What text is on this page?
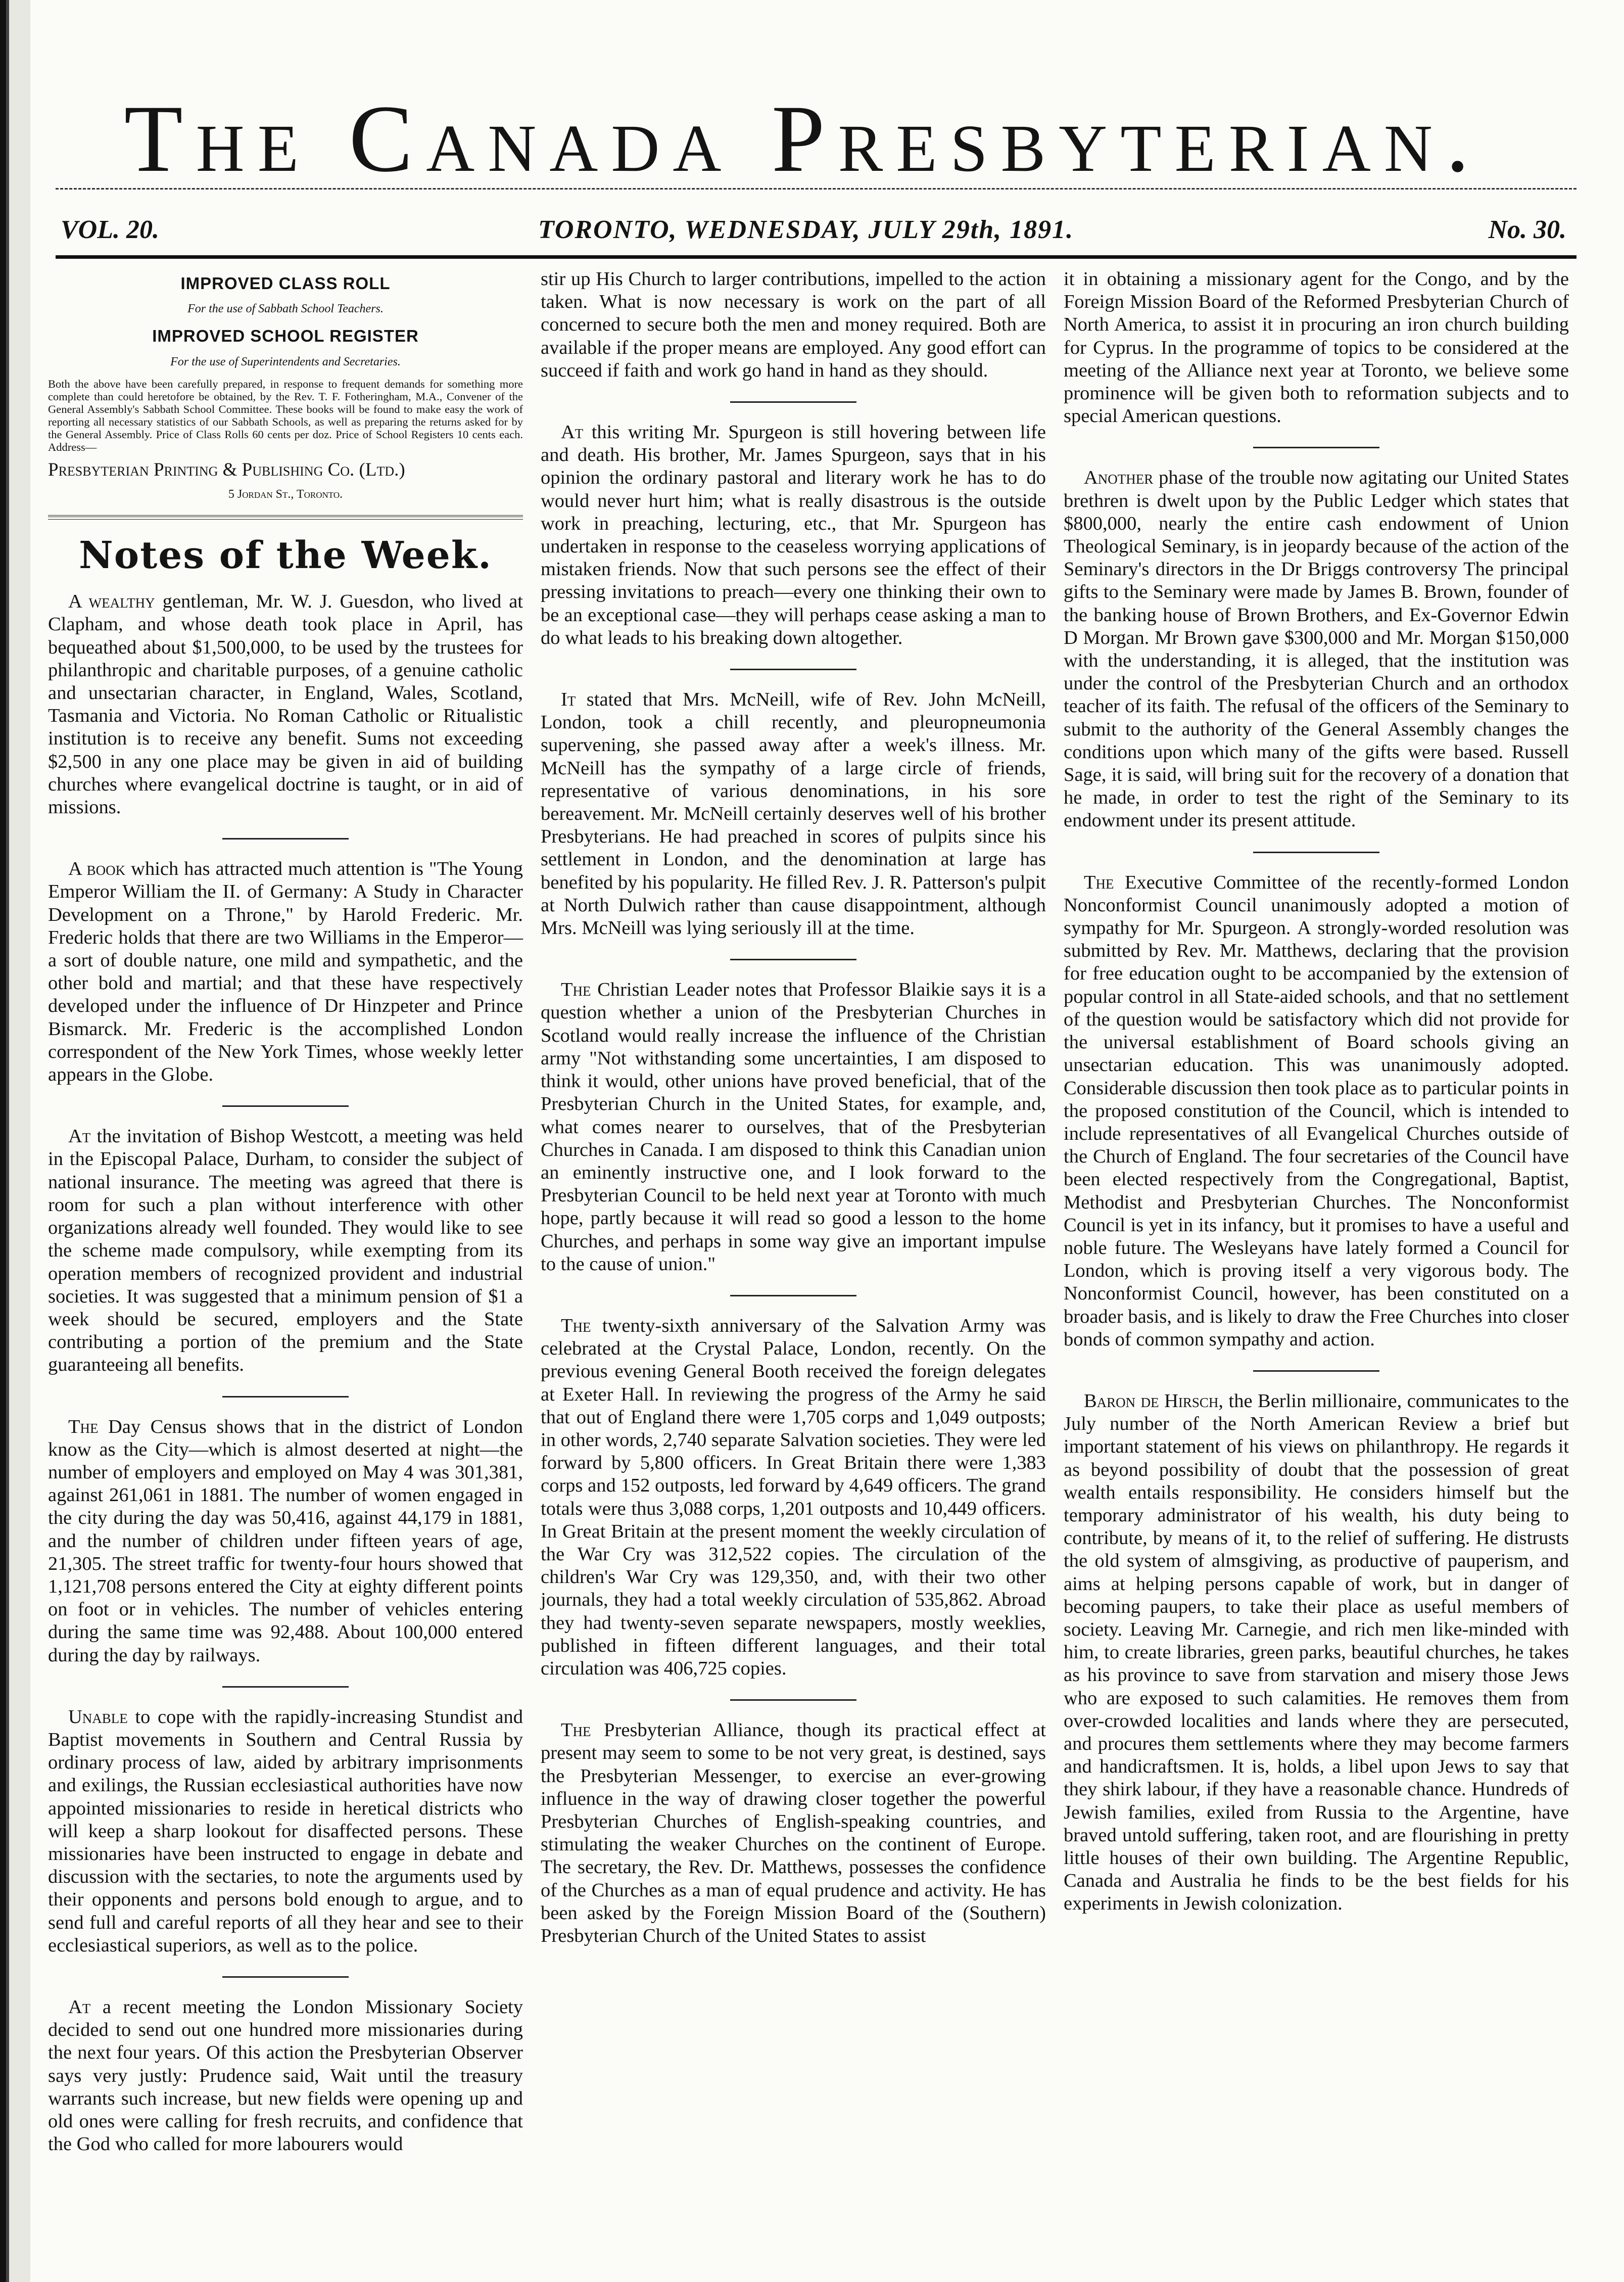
The Canada Presbyterian.
VOL. 20.	TORONTO, WEDNESDAY, JULY 29th, 1891.	No. 30.
IMPROVED CLASS ROLL
For the use of Sabbath School Teachers.
IMPROVED SCHOOL REGISTER
For the use of Superintendents and Secretaries.
Both the above have been carefully prepared, in response to frequent demands for something more complete than could heretofore be obtained, by the Rev. T. F. Fotheringham, M.A., Convener of the General Assembly's Sabbath School Committee. These books will be found to make easy the work of reporting all necessary statistics of our Sabbath Schools, as well as preparing the returns asked for by the General Assembly. Price of Class Rolls 60 cents per doz. Price of School Registers 10 cents each. Address—
Presbyterian Printing & Publishing Co. (Ltd.)
5 Jordan St., Toronto.
Notes of the Week.

A wealthy gentleman, Mr. W. J. Guesdon, who lived at Clapham, and whose death took place in April, has bequeathed about $1,500,000, to be used by the trustees for philanthropic and charitable purposes, of a genuine catholic and unsectarian character, in England, Wales, Scotland, Tasmania and Victoria. No Roman Catholic or Ritualistic institution is to receive any benefit. Sums not exceeding $2,500 in any one place may be given in aid of building churches where evangelical doctrine is taught, or in aid of missions.

A book which has attracted much attention is "The Young Emperor William the II. of Germany: A Study in Character Development on a Throne," by Harold Frederic. Mr. Frederic holds that there are two Williams in the Emperor—a sort of double nature, one mild and sympathetic, and the other bold and martial; and that these have respectively developed under the influence of Dr Hinzpeter and Prince Bismarck. Mr. Frederic is the accomplished London correspondent of the New York Times, whose weekly letter appears in the Globe.

At the invitation of Bishop Westcott, a meeting was held in the Episcopal Palace, Durham, to consider the subject of national insurance. The meeting was agreed that there is room for such a plan without interference with other organizations already well founded. They would like to see the scheme made compulsory, while exempting from its operation members of recognized provident and industrial societies. It was suggested that a minimum pension of $1 a week should be secured, employers and the State contributing a portion of the premium and the State guaranteeing all benefits.

The Day Census shows that in the district of London know as the City—which is almost deserted at night—the number of employers and employed on May 4 was 301,381, against 261,061 in 1881. The number of women engaged in the city during the day was 50,416, against 44,179 in 1881, and the number of children under fifteen years of age, 21,305. The street traffic for twenty-four hours showed that 1,121,708 persons entered the City at eighty different points on foot or in vehicles. The number of vehicles entering during the same time was 92,488. About 100,000 entered during the day by railways.

Unable to cope with the rapidly-increasing Stundist and Baptist movements in Southern and Central Russia by ordinary process of law, aided by arbitrary imprisonments and exilings, the Russian ecclesiastical authorities have now appointed missionaries to reside in heretical districts who will keep a sharp lookout for disaffected persons. These missionaries have been instructed to engage in debate and discussion with the sectaries, to note the arguments used by their opponents and persons bold enough to argue, and to send full and careful reports of all they hear and see to their ecclesiastical superiors, as well as to the police.

At a recent meeting the London Missionary Society decided to send out one hundred more missionaries during the next four years. Of this action the Presbyterian Observer says very justly: Prudence said, Wait until the treasury warrants such increase, but new fields were opening up and old ones were calling for fresh recruits, and confidence that the God who called for more labourers would

stir up His Church to larger contributions, impelled to the action taken. What is now necessary is work on the part of all concerned to secure both the men and money required. Both are available if the proper means are employed. Any good effort can succeed if faith and work go hand in hand as they should.

At this writing Mr. Spurgeon is still hovering between life and death. His brother, Mr. James Spurgeon, says that in his opinion the ordinary pastoral and literary work he has to do would never hurt him; what is really disastrous is the outside work in preaching, lecturing, etc., that Mr. Spurgeon has undertaken in response to the ceaseless worrying applications of mistaken friends. Now that such persons see the effect of their pressing invitations to preach—every one thinking their own to be an exceptional case—they will perhaps cease asking a man to do what leads to his breaking down altogether.

It stated that Mrs. McNeill, wife of Rev. John McNeill, London, took a chill recently, and pleuropneumonia supervening, she passed away after a week's illness. Mr. McNeill has the sympathy of a large circle of friends, representative of various denominations, in his sore bereavement. Mr. McNeill certainly deserves well of his brother Presbyterians. He had preached in scores of pulpits since his settlement in London, and the denomination at large has benefited by his popularity. He filled Rev. J. R. Patterson's pulpit at North Dulwich rather than cause disappointment, although Mrs. McNeill was lying seriously ill at the time.

The Christian Leader notes that Professor Blaikie says it is a question whether a union of the Presbyterian Churches in Scotland would really increase the influence of the Christian army "Not withstanding some uncertainties, I am disposed to think it would, other unions have proved beneficial, that of the Presbyterian Church in the United States, for example, and, what comes nearer to ourselves, that of the Presbyterian Churches in Canada. I am disposed to think this Canadian union an eminently instructive one, and I look forward to the Presbyterian Council to be held next year at Toronto with much hope, partly because it will read so good a lesson to the home Churches, and perhaps in some way give an important impulse to the cause of union."

The twenty-sixth anniversary of the Salvation Army was celebrated at the Crystal Palace, London, recently. On the previous evening General Booth received the foreign delegates at Exeter Hall. In reviewing the progress of the Army he said that out of England there were 1,705 corps and 1,049 outposts; in other words, 2,740 separate Salvation societies. They were led forward by 5,800 officers. In Great Britain there were 1,383 corps and 152 outposts, led forward by 4,649 officers. The grand totals were thus 3,088 corps, 1,201 outposts and 10,449 officers. In Great Britain at the present moment the weekly circulation of the War Cry was 312,522 copies. The circulation of the children's War Cry was 129,350, and, with their two other journals, they had a total weekly circulation of 535,862. Abroad they had twenty-seven separate newspapers, mostly weeklies, published in fifteen different languages, and their total circulation was 406,725 copies.

The Presbyterian Alliance, though its practical effect at present may seem to some to be not very great, is destined, says the Presbyterian Messenger, to exercise an ever-growing influence in the way of drawing closer together the powerful Presbyterian Churches of English-speaking countries, and stimulating the weaker Churches on the continent of Europe. The secretary, the Rev. Dr. Matthews, possesses the confidence of the Churches as a man of equal prudence and activity. He has been asked by the Foreign Mission Board of the (Southern) Presbyterian Church of the United States to assist

it in obtaining a missionary agent for the Congo, and by the Foreign Mission Board of the Reformed Presbyterian Church of North America, to assist it in procuring an iron church building for Cyprus. In the programme of topics to be considered at the meeting of the Alliance next year at Toronto, we believe some prominence will be given both to reformation subjects and to special American questions.

Another phase of the trouble now agitating our United States brethren is dwelt upon by the Public Ledger which states that $800,000, nearly the entire cash endowment of Union Theological Seminary, is in jeopardy because of the action of the Seminary's directors in the Dr Briggs controversy The principal gifts to the Seminary were made by James B. Brown, founder of the banking house of Brown Brothers, and Ex-Governor Edwin D Morgan. Mr Brown gave $300,000 and Mr. Morgan $150,000 with the understanding, it is alleged, that the institution was under the control of the Presbyterian Church and an orthodox teacher of its faith. The refusal of the officers of the Seminary to submit to the authority of the General Assembly changes the conditions upon which many of the gifts were based. Russell Sage, it is said, will bring suit for the recovery of a donation that he made, in order to test the right of the Seminary to its endowment under its present attitude.

The Executive Committee of the recently-formed London Nonconformist Council unanimously adopted a motion of sympathy for Mr. Spurgeon. A strongly-worded resolution was submitted by Rev. Mr. Matthews, declaring that the provision for free education ought to be accompanied by the extension of popular control in all State-aided schools, and that no settlement of the question would be satisfactory which did not provide for the universal establishment of Board schools giving an unsectarian education. This was unanimously adopted. Considerable discussion then took place as to particular points in the proposed constitution of the Council, which is intended to include representatives of all Evangelical Churches outside of the Church of England. The four secretaries of the Council have been elected respectively from the Congregational, Baptist, Methodist and Presbyterian Churches. The Nonconformist Council is yet in its infancy, but it promises to have a useful and noble future. The Wesleyans have lately formed a Council for London, which is proving itself a very vigorous body. The Nonconformist Council, however, has been constituted on a broader basis, and is likely to draw the Free Churches into closer bonds of common sympathy and action.

Baron de Hirsch, the Berlin millionaire, communicates to the July number of the North American Review a brief but important statement of his views on philanthropy. He regards it as beyond possibility of doubt that the possession of great wealth entails responsibility. He considers himself but the temporary administrator of his wealth, his duty being to contribute, by means of it, to the relief of suffering. He distrusts the old system of almsgiving, as productive of pauperism, and aims at helping persons capable of work, but in danger of becoming paupers, to take their place as useful members of society. Leaving Mr. Carnegie, and rich men like-minded with him, to create libraries, green parks, beautiful churches, he takes as his province to save from starvation and misery those Jews who are exposed to such calamities. He removes them from over-crowded localities and lands where they are persecuted, and procures them settlements where they may become farmers and handicraftsmen. It is, holds, a libel upon Jews to say that they shirk labour, if they have a reasonable chance. Hundreds of Jewish families, exiled from Russia to the Argentine, have braved untold suffering, taken root, and are flourishing in pretty little houses of their own building. The Argentine Republic, Canada and Australia he finds to be the best fields for his experiments in Jewish colonization.
